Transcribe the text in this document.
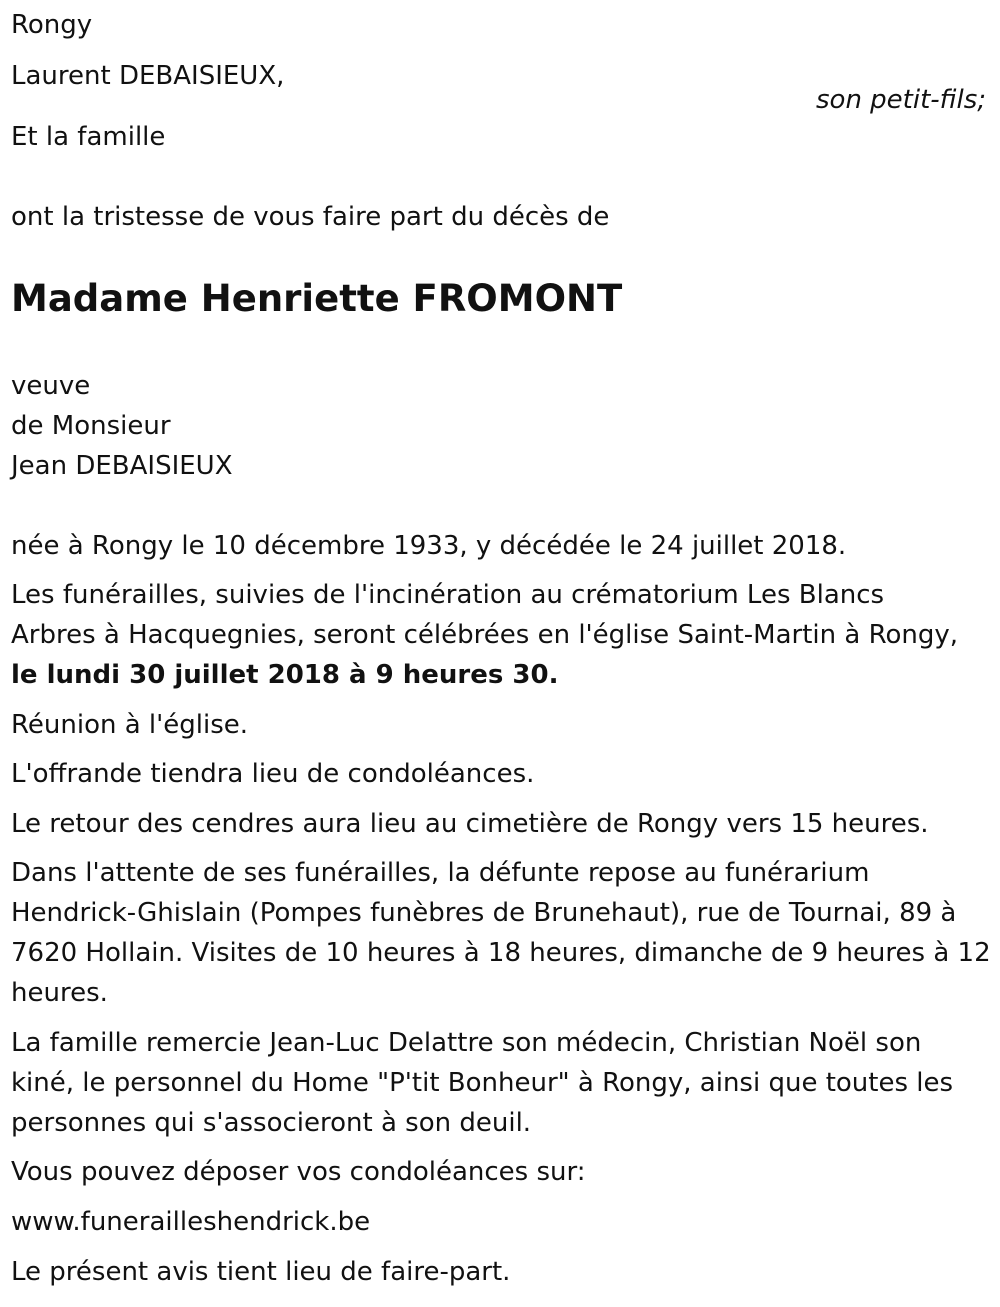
Rongy
Laurent DEBAISIEUX,
son petit-fils;
Et la famille
ont la tristesse de vous faire part du décès de
Madame Henriette FROMONT
veuve
de Monsieur
Jean DEBAISIEUX
née à Rongy le 10 décembre 1933, y décédée le 24 juillet 2018.
Les funérailles, suivies de l'incinération au crématorium Les Blancs
Arbres à Hacquegnies, seront célébrées en l'église Saint-Martin à Rongy,
le lundi 30 juillet 2018 à 9 heures 30.
Réunion à l'église.
L'offrande tiendra lieu de condoléances.
Le retour des cendres aura lieu au cimetière de Rongy vers 15 heures.
Dans l'attente de ses funérailles, la défunte repose au funérarium
Hendrick-Ghislain (Pompes funèbres de Brunehaut), rue de Tournai, 89 à
7620 Hollain. Visites de 10 heures à 18 heures, dimanche de 9 heures à 12
heures.
La famille remercie Jean-Luc Delattre son médecin, Christian Noël son
kiné, le personnel du Home "P'tit Bonheur" à Rongy, ainsi que toutes les
personnes qui s'associeront à son deuil.
Vous pouvez déposer vos condoléances sur:
www.funerailleshendrick.be
Le présent avis tient lieu de faire-part.
